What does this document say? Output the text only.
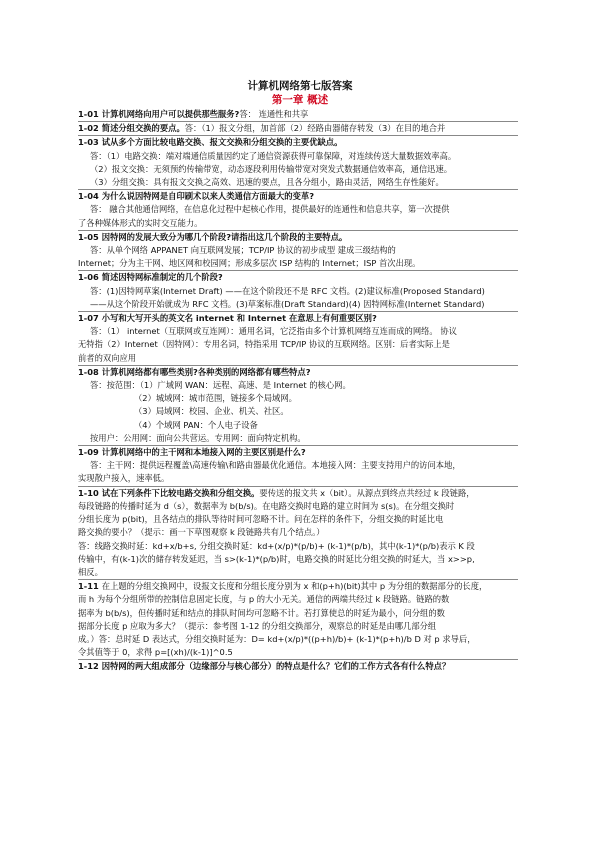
计算机网络第七版答案
第一章 概述
1-01 计算机网络向用户可以提供那些服务?答： 连通性和共享
1-02 简述分组交换的要点。答：（1）报文分组，加首部（2）经路由器储存转发（3）在目的地合并
1-03 试从多个方面比较电路交换、报文交换和分组交换的主要优缺点。
答：（1）电路交换：端对端通信质量因约定了通信资源获得可靠保障，对连续传送大量数据效率高。
（2）报文交换：无须预约传输带宽，动态逐段利用传输带宽对突发式数据通信效率高，通信迅速。
（3）分组交换：具有报文交换之高效、迅速的要点，且各分组小，路由灵活，网络生存性能好。
1-04 为什么说因特网是自印刷术以来人类通信方面最大的变革?
答： 融合其他通信网络，在信息化过程中起核心作用，提供最好的连通性和信息共享，第一次提供
了各种媒体形式的实时交互能力。
1-05 因特网的发展大致分为哪几个阶段?请指出这几个阶段的主要特点。
答：从单个网络 APPANET 向互联网发展；TCP/IP 协议的初步成型 建成三级结构的
Internet；分为主干网、地区网和校园网；形成多层次 ISP 结构的 Internet；ISP 首次出现。
1-06 简述因特网标准制定的几个阶段?
答：(1)因特网草案(Internet Draft) ——在这个阶段还不是 RFC 文档。(2)建议标准(Proposed Standard)
——从这个阶段开始就成为 RFC 文档。(3)草案标准(Draft Standard)(4) 因特网标准(Internet Standard)
1-07 小写和大写开头的英文名 internet 和 Internet 在意思上有何重要区别?
答：（1） internet（互联网或互连网）：通用名词，它泛指由多个计算机网络互连而成的网络。 协议
无特指（2）Internet（因特网）：专用名词，特指采用 TCP/IP 协议的互联网络。区别：后者实际上是
前者的双向应用
1-08 计算机网络都有哪些类别?各种类别的网络都有哪些特点?
答：按范围：（1）广域网 WAN：远程、高速、是 Internet 的核心网。
（2）城域网：城市范围，链接多个局域网。
（3）局域网：校园、企业、机关、社区。
（4）个域网 PAN：个人电子设备
按用户：公用网：面向公共营运。专用网：面向特定机构。
1-09 计算机网络中的主干网和本地接入网的主要区别是什么?
答：主干网：提供远程覆盖\高速传输\和路由器最优化通信。本地接入网：主要支持用户的访问本地，
实现散户接入，速率低。
1-10 试在下列条件下比较电路交换和分组交换。要传送的报文共 x（bit）。从源点到终点共经过 k 段链路，
每段链路的传播时延为 d（s），数据率为 b(b/s)。在电路交换时电路的建立时间为 s(s)。在分组交换时
分组长度为 p(bit)，且各结点的排队等待时间可忽略不计。问在怎样的条件下，分组交换的时延比电
路交换的要小？（提示：画一下草图观察 k 段链路共有几个结点。）
答：线路交换时延：kd+x/b+s, 分组交换时延：kd+(x/p)*(p/b)+ (k-1)*(p/b)，其中(k-1)*(p/b)表示 K 段
传输中，有(k-1)次的储存转发延迟，当 s>(k-1)*(p/b)时，电路交换的时延比分组交换的时延大，当 x>>p,
相反。
1-11 在上题的分组交换网中，设报文长度和分组长度分别为 x 和(p+h)(bit)其中 p 为分组的数据部分的长度，
而 h 为每个分组所带的控制信息固定长度，与 p 的大小无关。通信的两端共经过 k 段链路。链路的数
据率为 b(b/s)，但传播时延和结点的排队时间均可忽略不计。若打算使总的时延为最小，问分组的数
据部分长度 p 应取为多大？（提示：参考图 1-12 的分组交换部分，观察总的时延是由哪几部分组
成。）答：总时延 D 表达式，分组交换时延为：D= kd+(x/p)*((p+h)/b)+ (k-1)*(p+h)/b D 对 p 求导后，
令其值等于 0，求得 p=[(xh)/(k-1)]^0.5
1-12 因特网的两大组成部分（边缘部分与核心部分）的特点是什么？它们的工作方式各有什么特点？
